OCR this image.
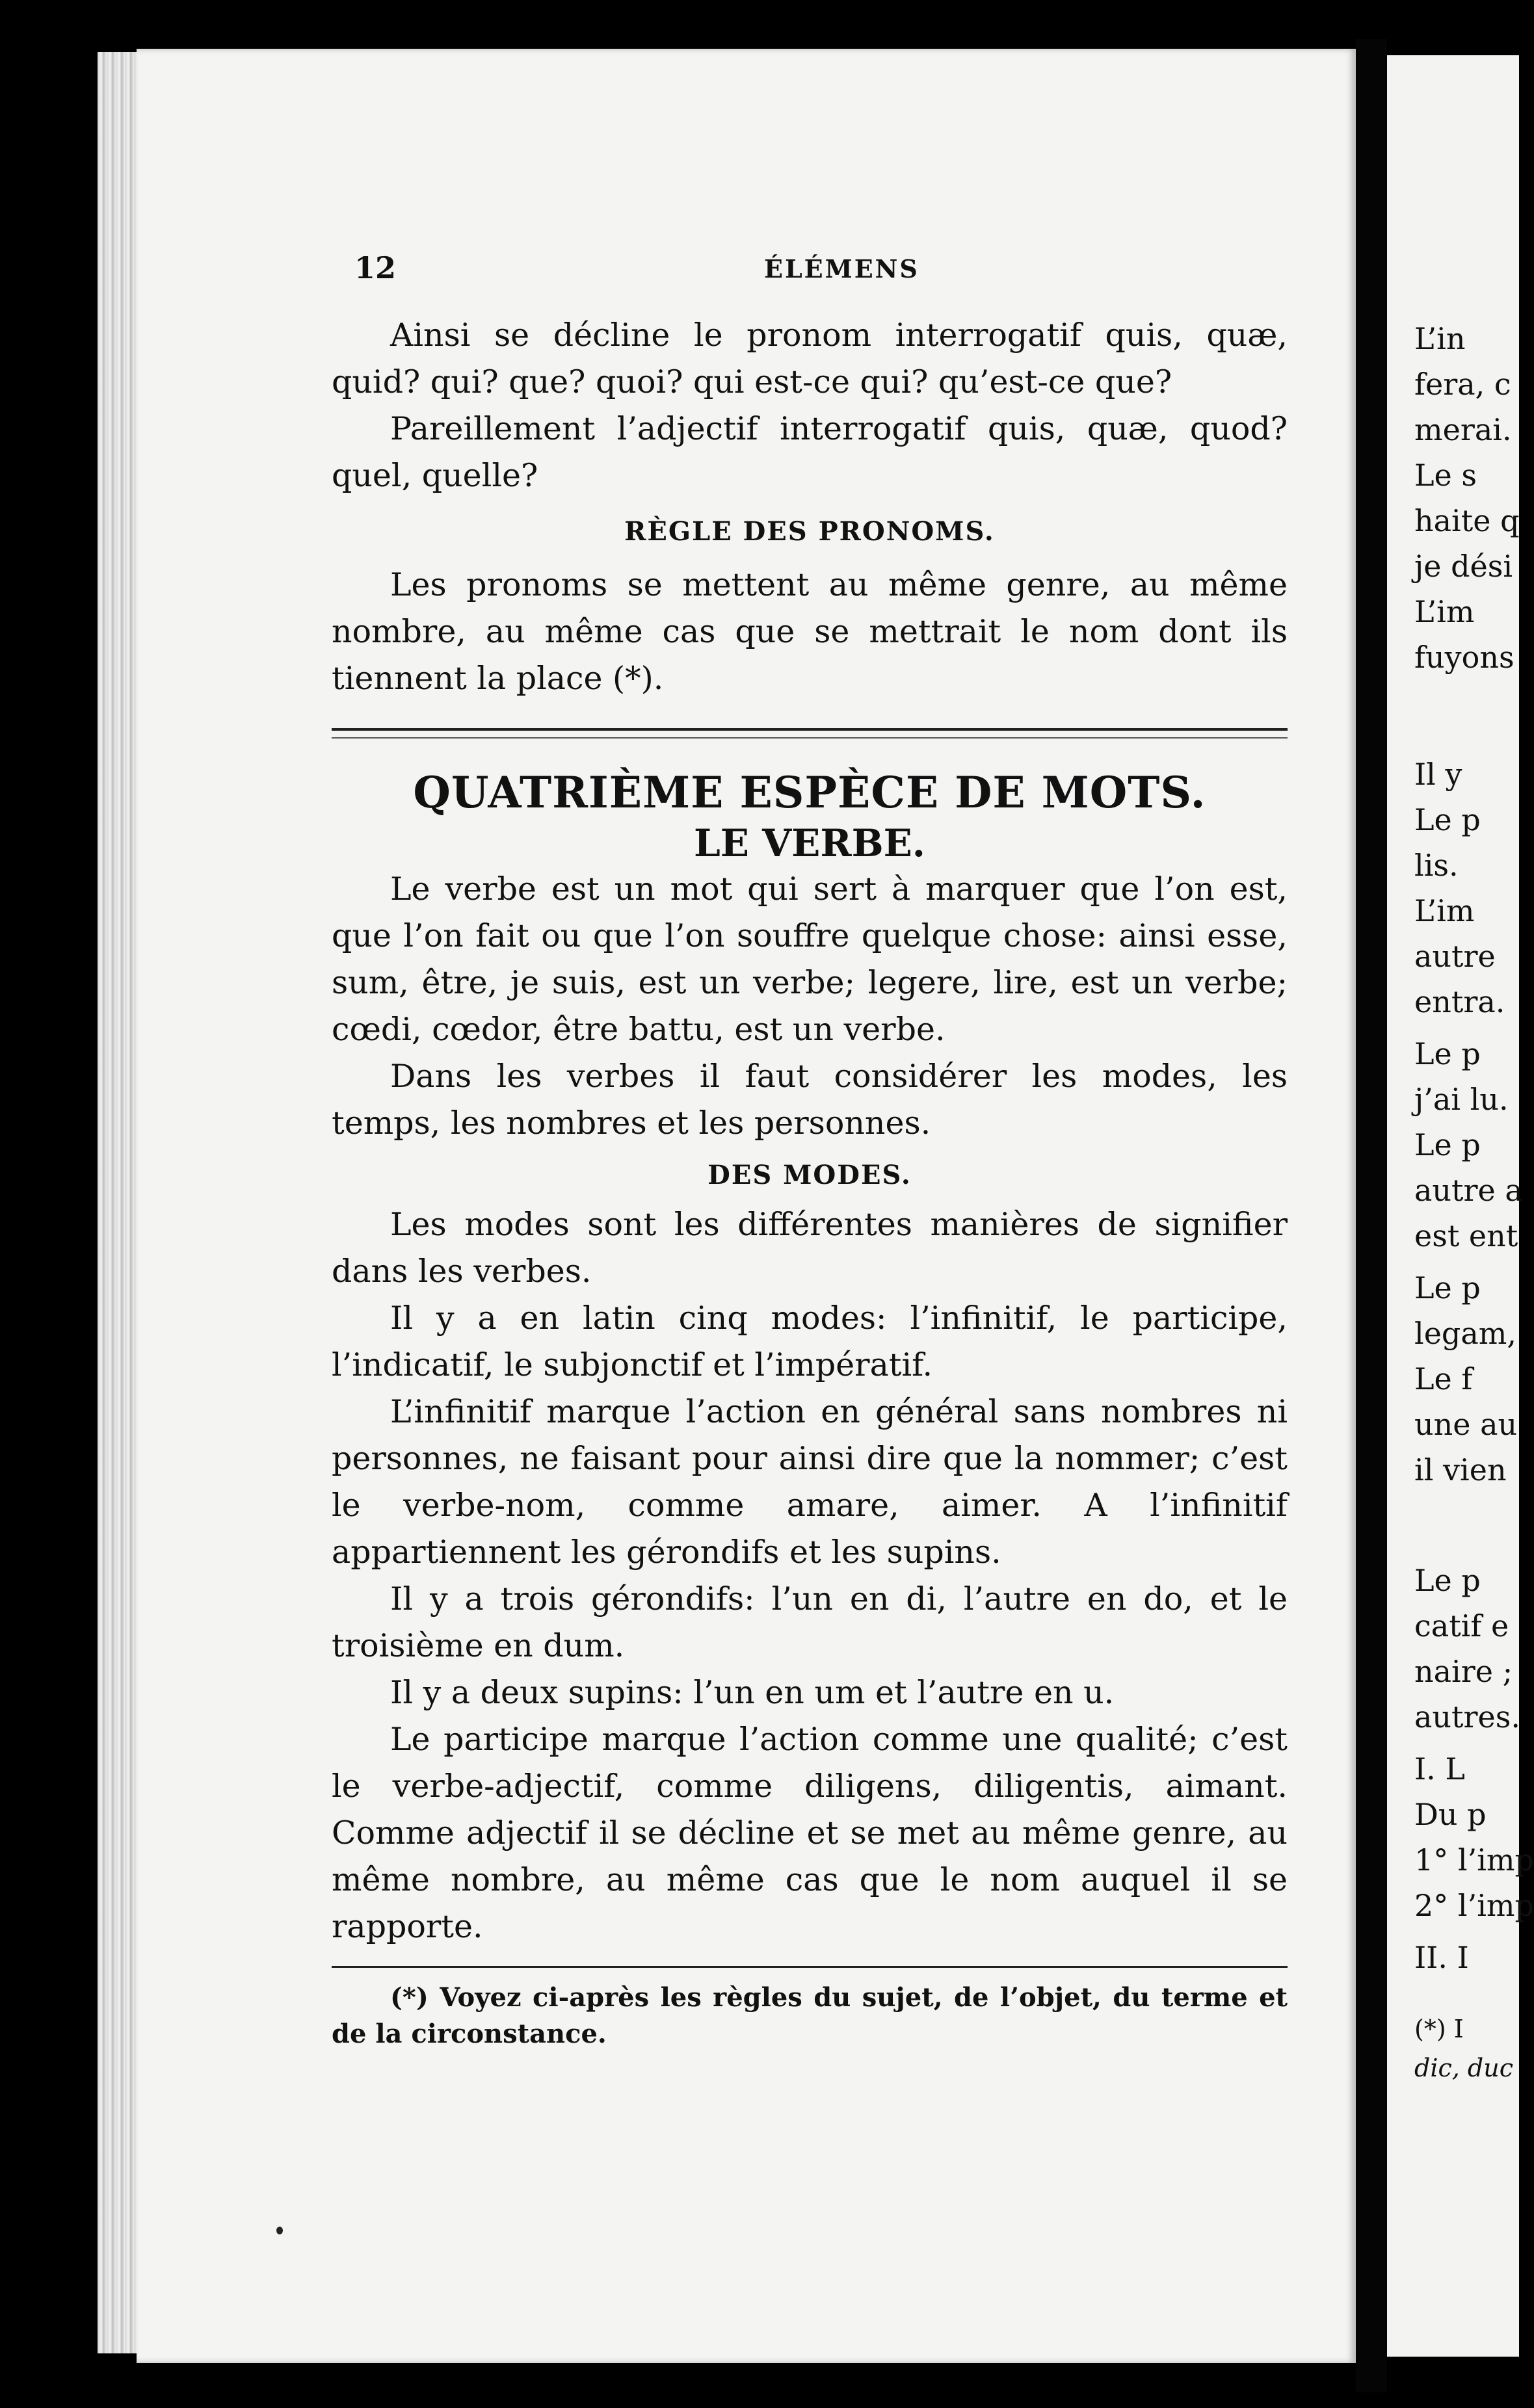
12	ÉLÉMENS

Ainsi se décline le pronom interrogatif quis, quæ, quid? qui? que? quoi? qui est-ce qui? qu’est-ce que?

Pareillement l’adjectif interrogatif quis, quæ, quod? quel, quelle?

RÈGLE DES PRONOMS.

Les pronoms se mettent au même genre, au même nombre, au même cas que se mettrait le nom dont ils tiennent la place (*).

QUATRIÈME ESPÈCE DE MOTS.
LE VERBE.

Le verbe est un mot qui sert à marquer que l’on est, que l’on fait ou que l’on souffre quelque chose: ainsi esse, sum, être, je suis, est un verbe; legere, lire, est un verbe; cœdi, cœdor, être battu, est un verbe.

Dans les verbes il faut considérer les modes, les temps, les nombres et les personnes.

DES MODES.

Les modes sont les différentes manières de signifier dans les verbes.

Il y a en latin cinq modes: l’infinitif, le participe, l’indicatif, le subjonctif et l’impératif.

L’infinitif marque l’action en général sans nombres ni personnes, ne faisant pour ainsi dire que la nommer; c’est le verbe-nom, comme amare, aimer. A l’infinitif appartiennent les gérondifs et les supins.

Il y a trois gérondifs: l’un en di, l’autre en do, et le troisième en dum.

Il y a deux supins: l’un en um et l’autre en u.

Le participe marque l’action comme une qualité; c’est le verbe-adjectif, comme diligens, diligentis, aimant. Comme adjectif il se décline et se met au même genre, au même nombre, au même cas que le nom auquel il se rapporte.

(*) Voyez ci-après les règles du sujet, de l’objet, du terme et de la circonstance.

L’in
fera, c
merai.
Le s
haite q
je dési
L’im
fuyons
Il y
Le p
lis.
L’im
autre
entra.
Le p
j’ai lu.
Le p
autre a
est ent
Le p
legam,
Le f
une au
il vien
Le p
catif e
naire ;
autres.
I. L
Du p
1° l’imp
2° l’imp
II. I
(*) I
dic, duc
